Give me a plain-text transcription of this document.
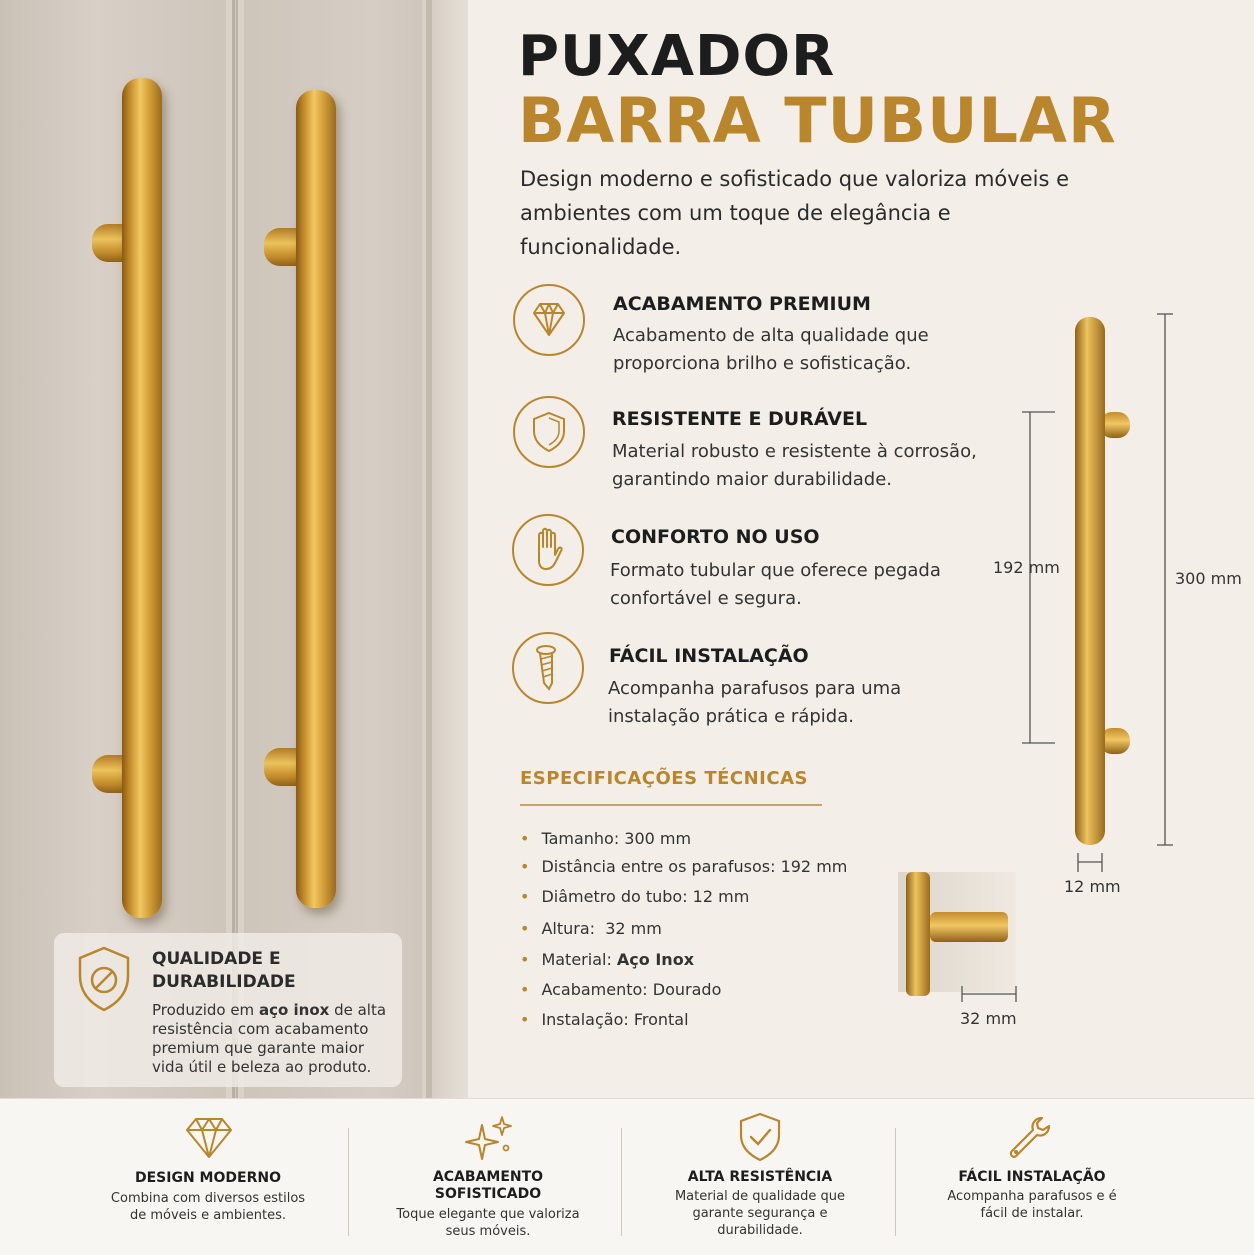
QUALIDADE E DURABILIDADE
Produzido em aço inox de alta resistência com acabamento premium que garante maior vida útil e beleza ao produto.
PUXADOR
BARRA TUBULAR
Design moderno e sofisticado que valoriza móveis e ambientes com um toque de elegância e funcionalidade.
ACABAMENTO PREMIUM
Acabamento de alta qualidade que proporciona brilho e sofisticação.
RESISTENTE E DURÁVEL
Material robusto e resistente à corrosão, garantindo maior durabilidade.
CONFORTO NO USO
Formato tubular que oferece pegada confortável e segura.
FÁCIL INSTALAÇÃO
Acompanha parafusos para uma instalação prática e rápida.
ESPECIFICAÇÕES TÉCNICAS
• Tamanho: 300 mm
• Distância entre os parafusos: 192 mm
• Diâmetro do tubo: 12 mm
• Altura:  32 mm
• Material: Aço Inox
• Acabamento: Dourado
• Instalação: Frontal
300 mm
192 mm
12 mm
32 mm
DESIGN MODERNO
Combina com diversos estilos de móveis e ambientes.
ACABAMENTO SOFISTICADO
Toque elegante que valoriza seus móveis.
ALTA RESISTÊNCIA
Material de qualidade que garante segurança e durabilidade.
FÁCIL INSTALAÇÃO
Acompanha parafusos e é fácil de instalar.
